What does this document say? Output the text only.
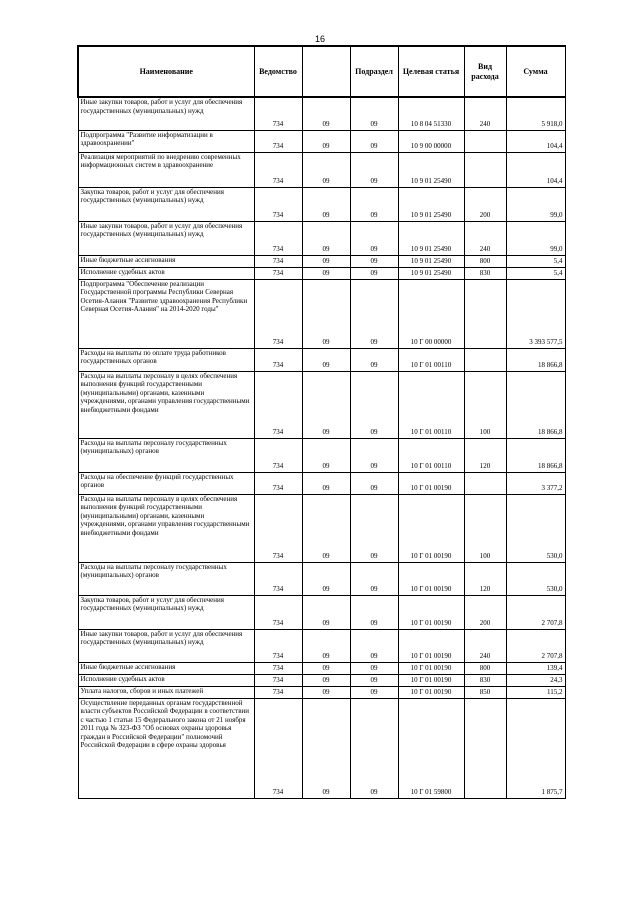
16
Наименование	Ведомство		Подраздел	Целевая статья	Вид расхода	Сумма
Иные закупки товаров, работ и услуг для обеспечения государственных (муниципальных) нужд	734	09	09	10 8 04 51330	240	5 918,0
Подпрограмма "Развитие информатизации в здравоохранении"	734	09	09	10 9 00 00000		104,4
Реализация мероприятий по внедрению современных информационных систем в здравоохранение	734	09	09	10 9 01 25490		104,4
Закупка товаров, работ и услуг для обеспечения государственных (муниципальных) нужд	734	09	09	10 9 01 25490	200	99,0
Иные закупки товаров, работ и услуг для обеспечения государственных (муниципальных) нужд	734	09	09	10 9 01 25490	240	99,0
Иные бюджетные ассигнования	734	09	09	10 9 01 25490	800	5,4
Исполнение судебных актов	734	09	09	10 9 01 25490	830	5,4
Подпрограмма "Обеспечение реализации Государственной программы Республики Северная Осетия-Алания "Развитие здравоохранения Республики Северная Осетия-Алания" на 2014-2020 годы"	734	09	09	10 Г 00 00000		3 393 577,5
Расходы на выплаты по оплате труда работников государственных органов	734	09	09	10 Г 01 00110		18 866,8
Расходы на выплаты персоналу в целях обеспечения выполнения функций государственными (муниципальными) органами, казенными учреждениями, органами управления государственными внебюджетными фондами	734	09	09	10 Г 01 00110	100	18 866,8
Расходы на выплаты персоналу государственных (муниципальных) органов	734	09	09	10 Г 01 00110	120	18 866,8
Расходы на обеспечение функций государственных органов	734	09	09	10 Г 01 00190		3 377,2
Расходы на выплаты персоналу в целях обеспечения выполнения функций государственными (муниципальными) органами, казенными учреждениями, органами управления государственными внебюджетными фондами	734	09	09	10 Г 01 00190	100	530,0
Расходы на выплаты персоналу государственных (муниципальных) органов	734	09	09	10 Г 01 00190	120	530,0
Закупка товаров, работ и услуг для обеспечения государственных (муниципальных) нужд	734	09	09	10 Г 01 00190	200	2 707,8
Иные закупки товаров, работ и услуг для обеспечения государственных (муниципальных) нужд	734	09	09	10 Г 01 00190	240	2 707,8
Иные бюджетные ассигнования	734	09	09	10 Г 01 00190	800	139,4
Исполнение судебных актов	734	09	09	10 Г 01 00190	830	24,3
Уплата налогов, сборов и иных платежей	734	09	09	10 Г 01 00190	850	115,2
Осуществление переданных органам государственной власти субъектов Российской Федерации в соответствии с частью 1 статьи 15 Федерального закона от 21 ноября 2011 года № 323-ФЗ "Об основах охраны здоровья граждан в Российской Федерации" полномочий Российской Федерации в сфере охраны здоровья	734	09	09	10 Г 01 59800		1 875,7
